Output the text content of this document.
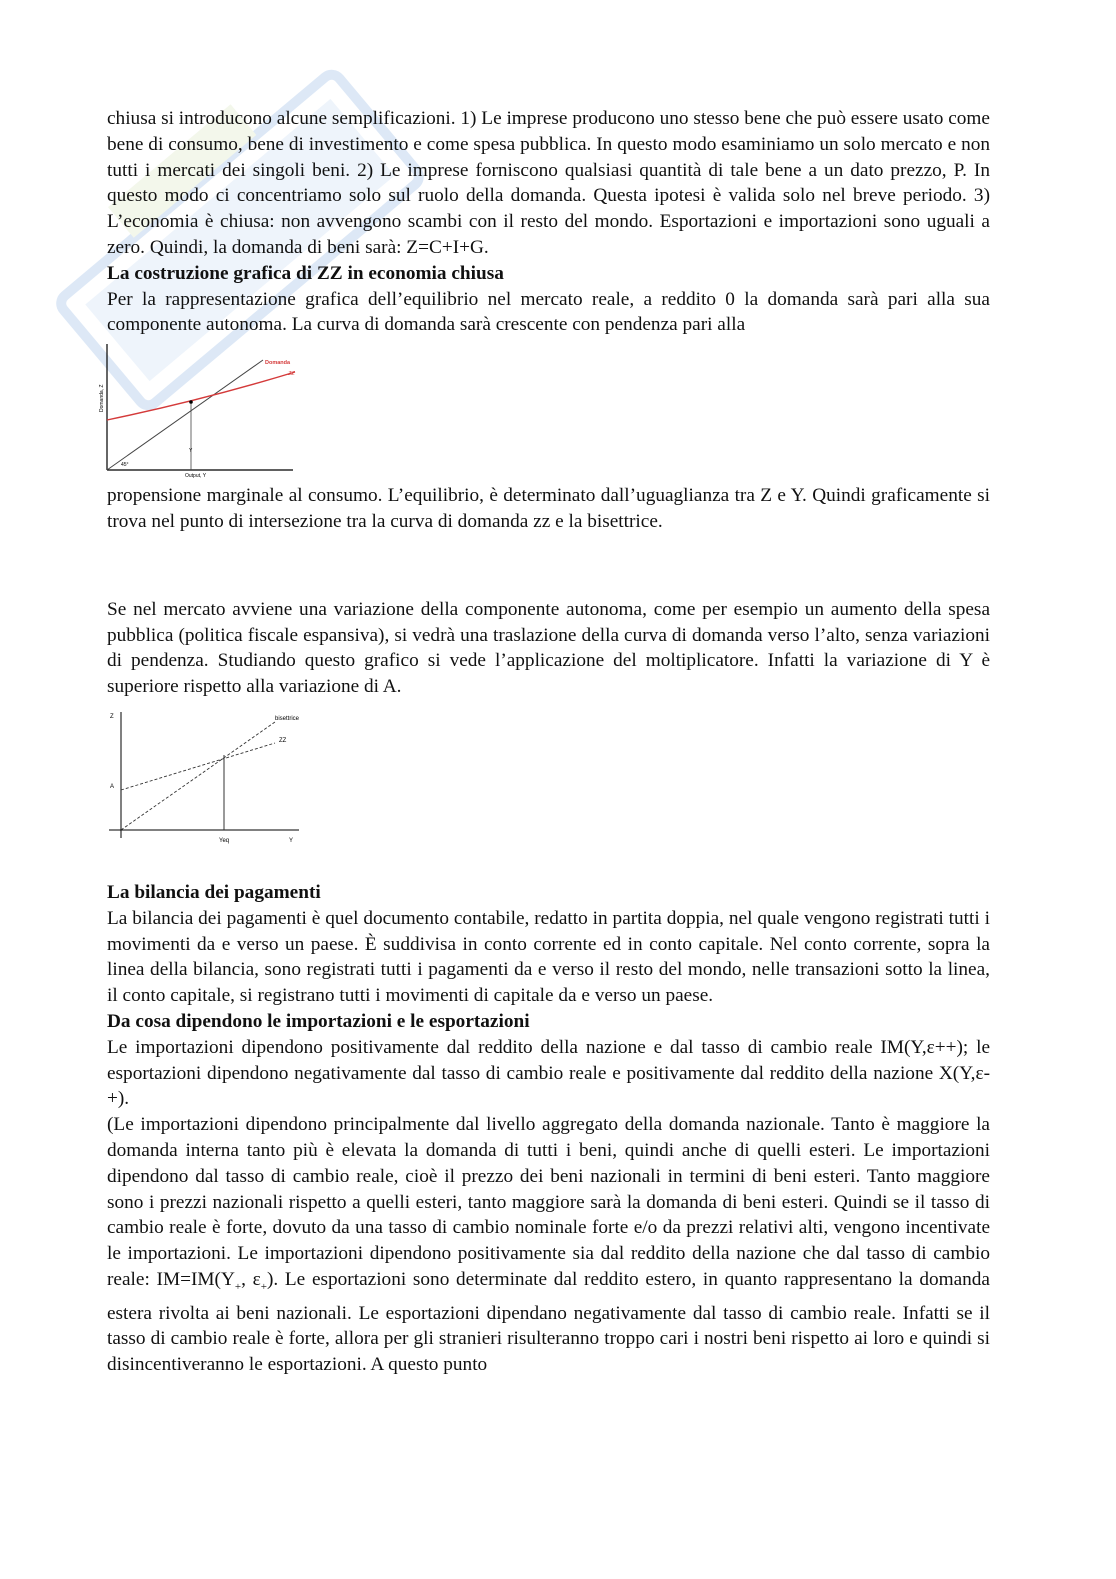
chiusa si introducono alcune semplificazioni. 1) Le imprese producono uno stesso bene che può essere usato come bene di consumo, bene di investimento e come spesa pubblica. In questo modo esaminiamo un solo mercato e non tutti i mercati dei singoli beni. 2) Le imprese forniscono qualsiasi quantità di tale bene a un dato prezzo, P. In questo modo ci concentriamo solo sul ruolo della domanda. Questa ipotesi è valida solo nel breve periodo. 3) L’economia è chiusa: non avvengono scambi con il resto del mondo. Esportazioni e importazioni sono uguali a zero. Quindi, la domanda di beni sarà: Z=C+I+G.

La costruzione grafica di ZZ in economia chiusa

Per la rappresentazione grafica dell’equilibrio nel mercato reale, a reddito 0 la domanda sarà pari alla sua componente autonoma. La curva di domanda sarà crescente con pendenza pari alla

Domanda, Z
Output, Y
45°
Domanda
ZZ
Y

propensione marginale al consumo. L’equilibrio, è determinato dall’uguaglianza tra Z e Y. Quindi graficamente si trova nel punto di intersezione tra la curva di domanda zz e la bisettrice.

Se nel mercato avviene una variazione della componente autonoma, come per esempio un aumento della spesa pubblica (politica fiscale espansiva), si vedrà una traslazione della curva di domanda verso l’alto, senza variazioni di pendenza. Studiando questo grafico si vede l’applicazione del moltiplicatore. Infatti la variazione di Y è superiore rispetto alla variazione di A.

Z
A
bisettrice
ZZ
Yeq	Y
La bilancia dei pagamenti

La bilancia dei pagamenti è quel documento contabile, redatto in partita doppia, nel quale vengono registrati tutti i movimenti da e verso un paese. È suddivisa in conto corrente ed in conto capitale. Nel conto corrente, sopra la linea della bilancia, sono registrati tutti i pagamenti da e verso il resto del mondo, nelle transazioni sotto la linea, il conto capitale, si registrano tutti i movimenti di capitale da e verso un paese.

Da cosa dipendono le importazioni e le esportazioni

Le importazioni dipendono positivamente dal reddito della nazione e dal tasso di cambio reale IM(Y,ε++); le esportazioni dipendono negativamente dal tasso di cambio reale e positivamente dal reddito della nazione X(Y,ε-+).

(Le importazioni dipendono principalmente dal livello aggregato della domanda nazionale. Tanto è maggiore la domanda interna tanto più è elevata la domanda di tutti i beni, quindi anche di quelli esteri. Le importazioni dipendono dal tasso di cambio reale, cioè il prezzo dei beni nazionali in termini di beni esteri. Tanto maggiore sono i prezzi nazionali rispetto a quelli esteri, tanto maggiore sarà la domanda di beni esteri. Quindi se il tasso di cambio reale è forte, dovuto da una tasso di cambio nominale forte e/o da prezzi relativi alti, vengono incentivate le importazioni. Le importazioni dipendono positivamente sia dal reddito della nazione che dal tasso di cambio reale: $IM=IM(Y_+$, $\varepsilon_+$). Le esportazioni sono determinate dal reddito estero, in quanto rappresentano la domanda estera rivolta ai beni nazionali. Le esportazioni dipendano negativamente dal tasso di cambio reale. Infatti se il tasso di cambio reale è forte, allora per gli stranieri risulteranno troppo cari i nostri beni rispetto ai loro e quindi si disincentiveranno le esportazioni. A questo punto
